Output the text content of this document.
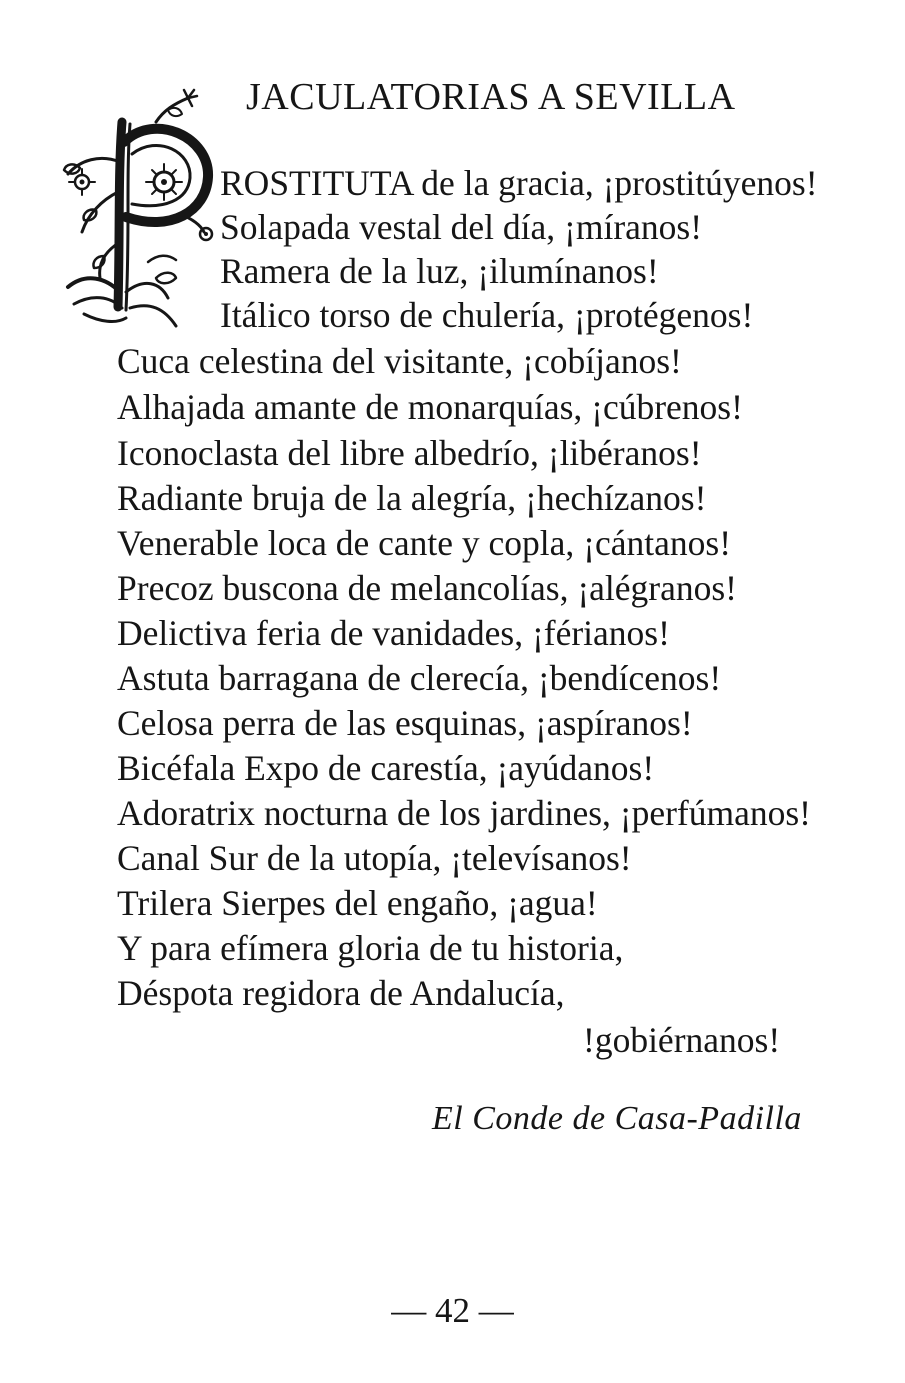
JACULATORIAS A SEVILLA
ROSTITUTA de la gracia, ¡prostitúyenos!
Solapada vestal del día, ¡míranos!
Ramera de la luz, ¡ilumínanos!
Itálico torso de chulería, ¡protégenos!
Cuca celestina del visitante, ¡cobíjanos!
Alhajada amante de monarquías, ¡cúbrenos!
Iconoclasta del libre albedrío, ¡libéranos!
Radiante bruja de la alegría, ¡hechízanos!
Venerable loca de cante y copla, ¡cántanos!
Precoz buscona de melancolías, ¡alégranos!
Delictiva feria de vanidades, ¡férianos!
Astuta barragana de clerecía, ¡bendícenos!
Celosa perra de las esquinas, ¡aspíranos!
Bicéfala Expo de carestía, ¡ayúdanos!
Adoratrix nocturna de los jardines, ¡perfúmanos!
Canal Sur de la utopía, ¡televísanos!
Trilera Sierpes del engaño, ¡agua!
Y para efímera gloria de tu historia,
Déspota regidora de Andalucía,
!gobiérnanos!
El Conde de Casa-Padilla
— 42 —
